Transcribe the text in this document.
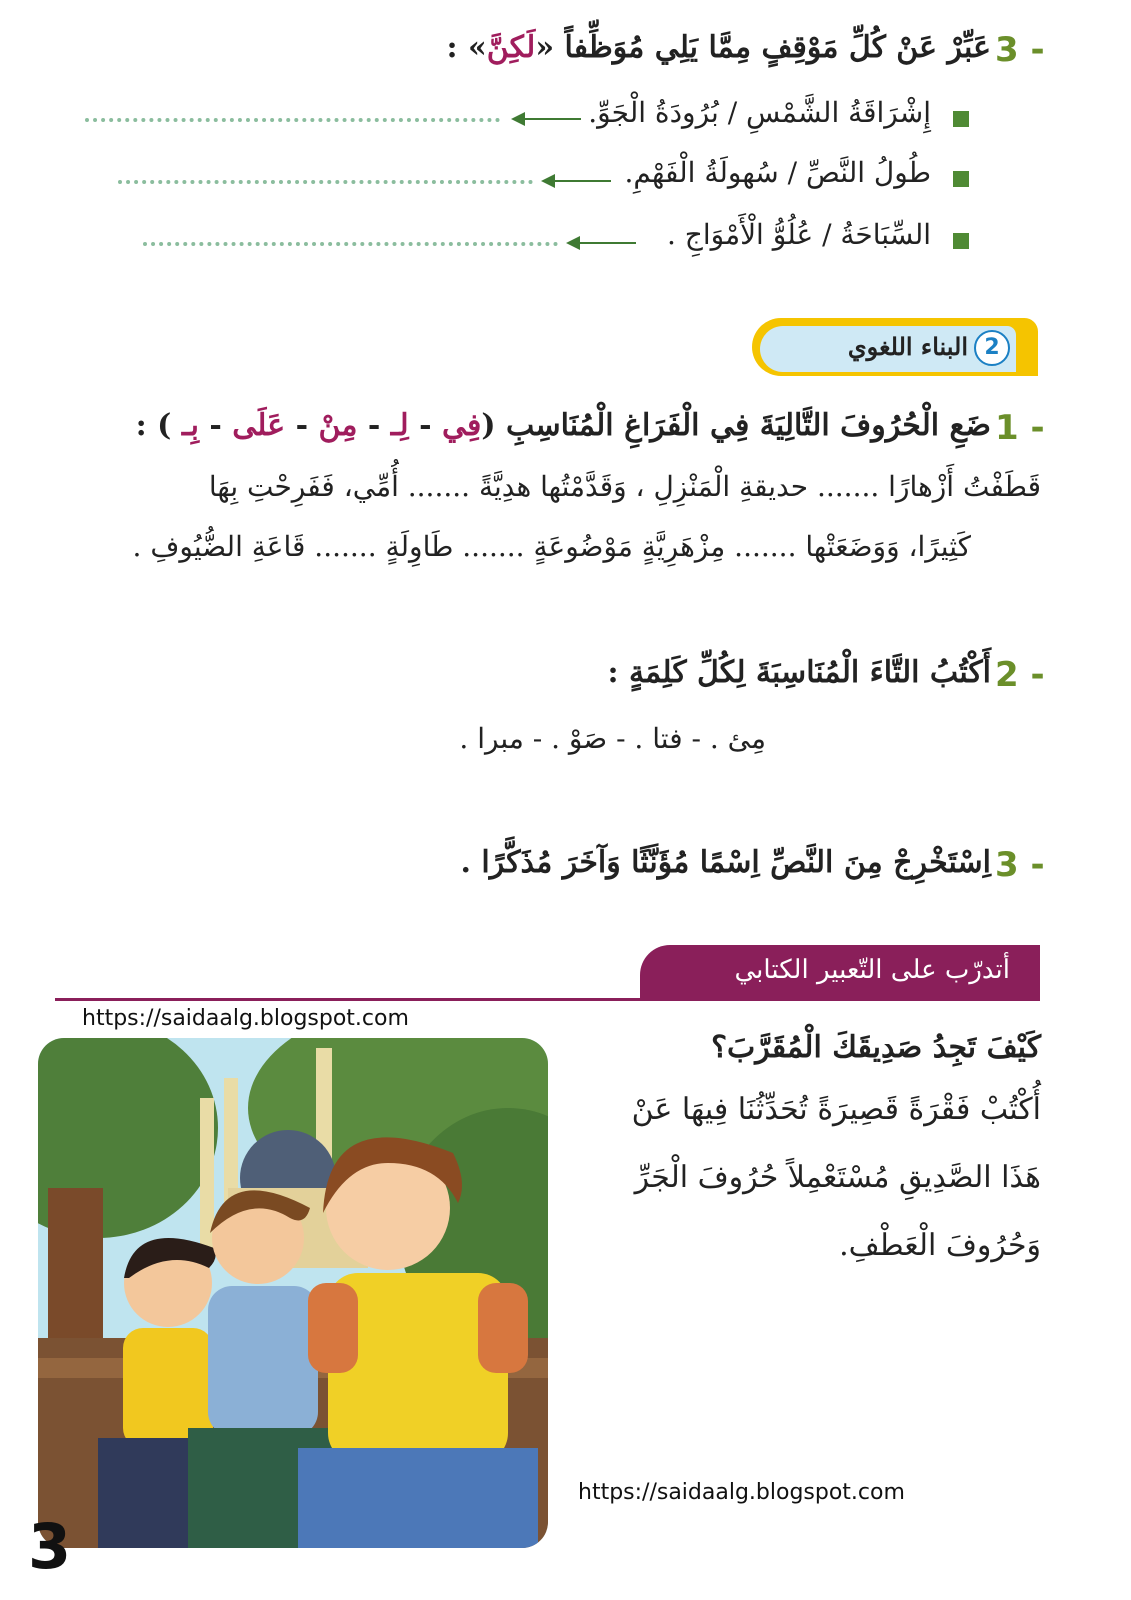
3 -
عَبِّرْ عَنْ كُلِّ مَوْقِفٍ مِمَّا يَلِي مُوَظِّفاً «لَكِنَّ» :
إِشْرَاقَةُ الشَّمْسِ / بُرُودَةُ الْجَوِّ.
طُولُ النَّصِّ / سُهولَةُ الْفَهْمِ.
السِّبَاحَةُ / عُلُوُّ الْأَمْوَاجِ .
البناء اللغوي 2
1 -
ضَعِ الْحُرُوفَ التَّالِيَةَ فِي الْفَرَاغِ الْمُنَاسِبِ (فِي - لِـ - مِنْ - عَلَى - بِـ ) :
قَطَفْتُ أَزْهارًا ....... حديقةِ الْمَنْزِلِ ، وَقَدَّمْتُها هدِيَّةً ....... أُمِّي، فَفَرِحْتِ بِهَا
كَثِيرًا، وَوَضَعَتْها ....... مِزْهَرِيَّةٍ مَوْضُوعَةٍ ....... طَاوِلَةٍ ....... قَاعَةِ الضُّيُوفِ .
2 -
أَكْتُبُ التَّاءَ الْمُنَاسِبَةَ لِكُلِّ كَلِمَةٍ :
مِئ . - فتا . - صَوْ . - مبرا .
3 -
اِسْتَخْرِجْ مِنَ النَّصِّ اِسْمًا مُؤَنَّثًا وَآخَرَ مُذَكَّرًا .
أتدرّب على التّعبير الكتابي
https://saidaalg.blogspot.com
كَيْفَ تَجِدُ صَدِيقَكَ الْمُقَرَّبَ؟
أُكْتُبْ فَقْرَةً قَصِيرَةً تُحَدِّثُنَا فِيهَا عَنْ
هَذَا الصَّدِيقِ مُسْتَعْمِلاً حُرُوفَ الْجَرِّ
وَحُرُوفَ الْعَطْفِ.
https://saidaalg.blogspot.com
3
